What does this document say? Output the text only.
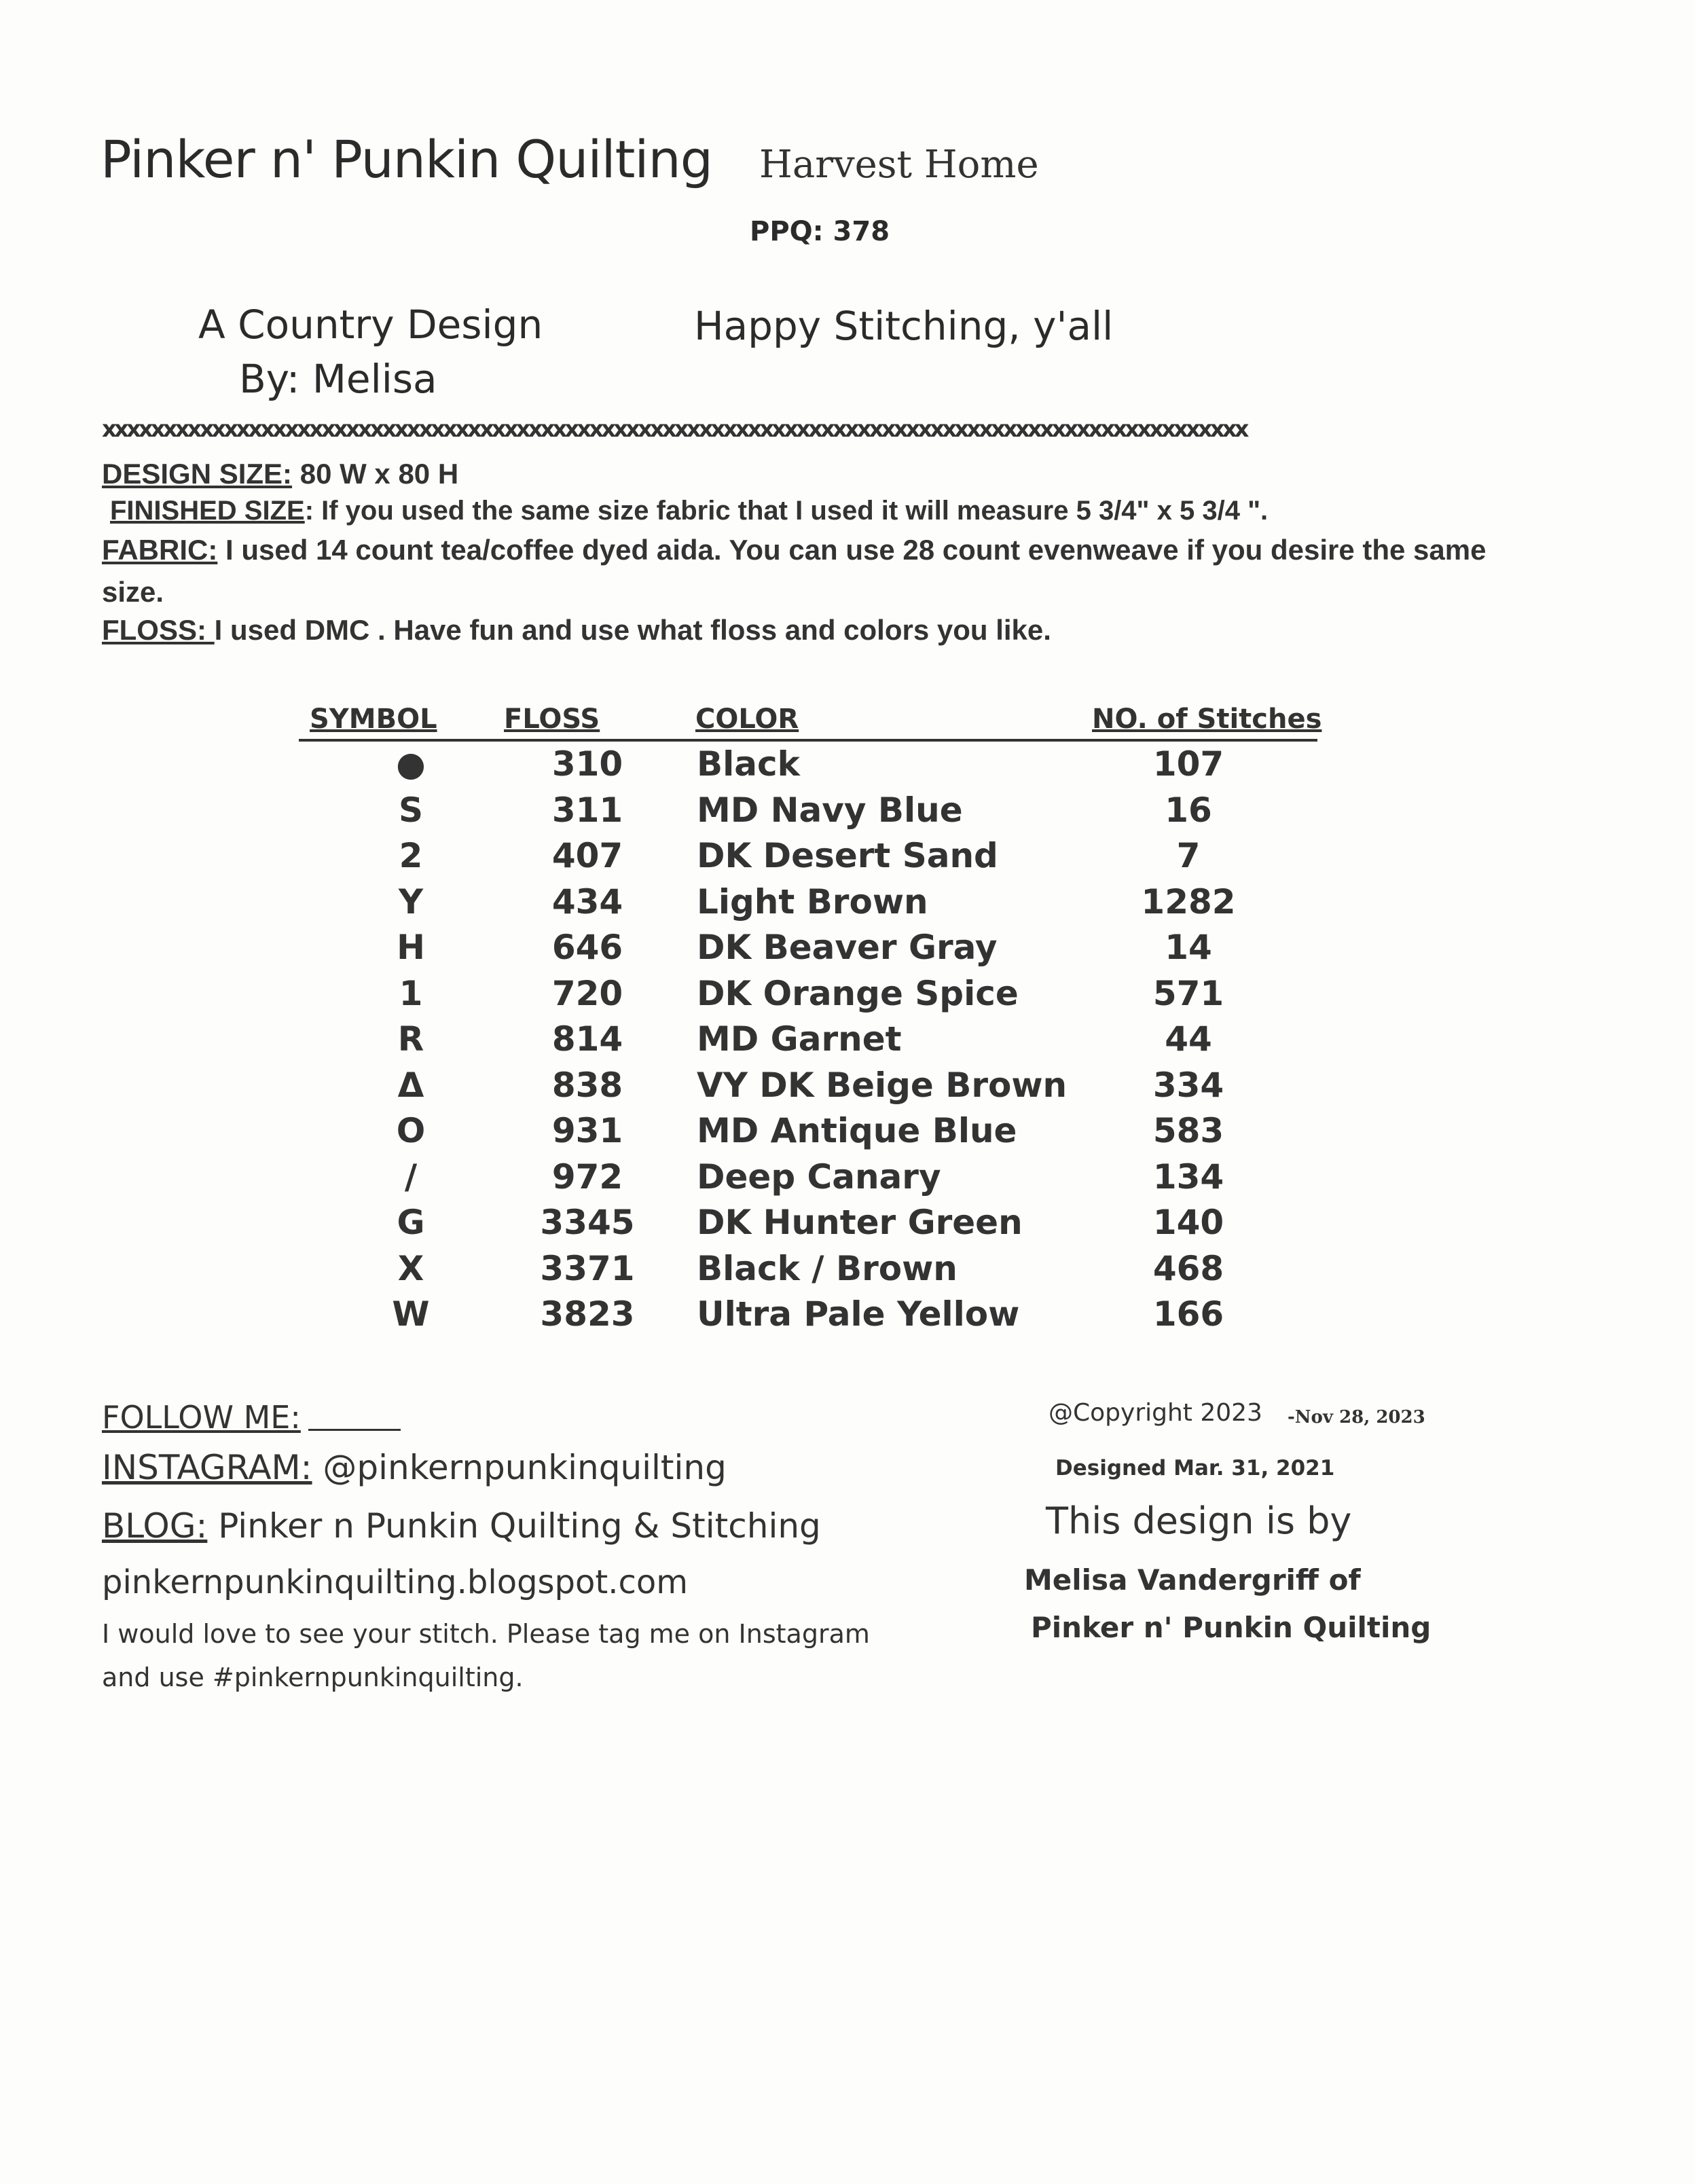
Pinker n' Punkin Quilting Harvest Home
PPQ: 378
A Country Design
By: Melisa
Happy Stitching, y'all
xxxxxxxxxxxxxxxxxxxxxxxxxxxxxxxxxxxxxxxxxxxxxxxxxxxxxxxxxxxxxxxxxxxxxxxxxxxxxxxxxxxxxxxxxxxxxx
DESIGN SIZE: 80 W x 80 H
FINISHED SIZE: If you used the same size fabric that I used it will measure 5 3/4" x 5 3/4 ".
FABRIC: I used 14 count tea/coffee dyed aida. You can use 28 count evenweave if you desire the same
size.
FLOSS: I used DMC . Have fun and use what floss and colors you like.
SYMBOL FLOSS	COLOR	NO. of Stitches
●	310	Black	107
S	311	MD Navy Blue	16
2	407	DK Desert Sand	7
Y	434	Light Brown	1282
H	646	DK Beaver Gray	14
1	720	DK Orange Spice	571
R	814	MD Garnet	44
Δ	838	VY DK Beige Brown	334
O	931	MD Antique Blue	583
/	972	Deep Canary	134
G	3345	DK Hunter Green	140
X	3371	Black / Brown	468
W	3823	Ultra Pale Yellow	166
FOLLOW ME:
INSTAGRAM: @pinkernpunkinquilting
BLOG: Pinker n Punkin Quilting & Stitching
pinkernpunkinquilting.blogspot.com
I would love to see your stitch. Please tag me on Instagram
and use #pinkernpunkinquilting.
@Copyright 2023 -Nov 28, 2023
Designed Mar. 31, 2021
This design is by
Melisa Vandergriff of
Pinker n' Punkin Quilting
